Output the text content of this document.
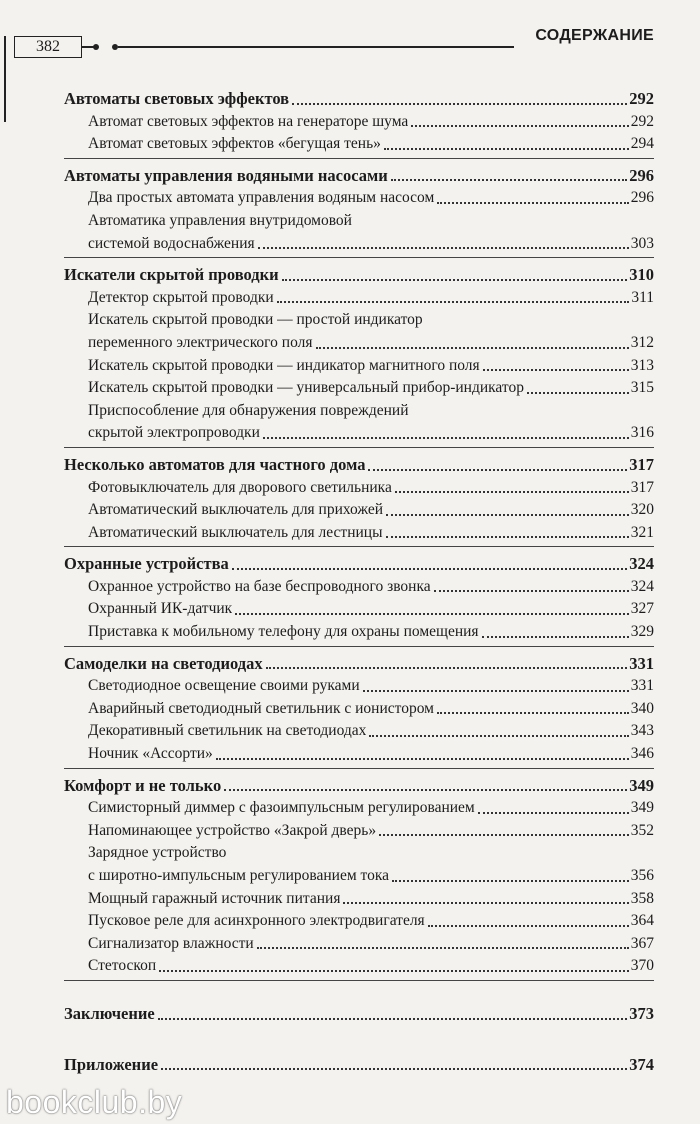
382
СОДЕРЖАНИЕ
Автоматы световых эффектов	292
Автомат световых эффектов на генераторе шума	292
Автомат световых эффектов «бегущая тень»	294
Автоматы управления водяными насосами	296
Два простых автомата управления водяным насосом	296
Автоматика управления внутридомовой
системой водоснабжения	303
Искатели скрытой проводки	310
Детектор скрытой проводки	311
Искатель скрытой проводки — простой индикатор
переменного электрического поля	312
Искатель скрытой проводки — индикатор магнитного поля	313
Искатель скрытой проводки — универсальный прибор-индикатор	315
Приспособление для обнаружения повреждений
скрытой электропроводки	316
Несколько автоматов для частного дома	317
Фотовыключатель для дворового светильника	317
Автоматический выключатель для прихожей	320
Автоматический выключатель для лестницы	321
Охранные устройства	324
Охранное устройство на базе беспроводного звонка	324
Охранный ИК-датчик	327
Приставка к мобильному телефону для охраны помещения	329
Самоделки на светодиодах	331
Светодиодное освещение своими руками	331
Аварийный светодиодный светильник с ионистором	340
Декоративный светильник на светодиодах	343
Ночник «Ассорти»	346
Комфорт и не только	349
Симисторный диммер с фазоимпульсным регулированием	349
Напоминающее устройство «Закрой дверь»	352
Зарядное устройство
с широтно-импульсным регулированием тока	356
Мощный гаражный источник питания	358
Пусковое реле для асинхронного электродвигателя	364
Сигнализатор влажности	367
Стетоскоп	370
Заключение	373
Приложение	374
bookclub.by
